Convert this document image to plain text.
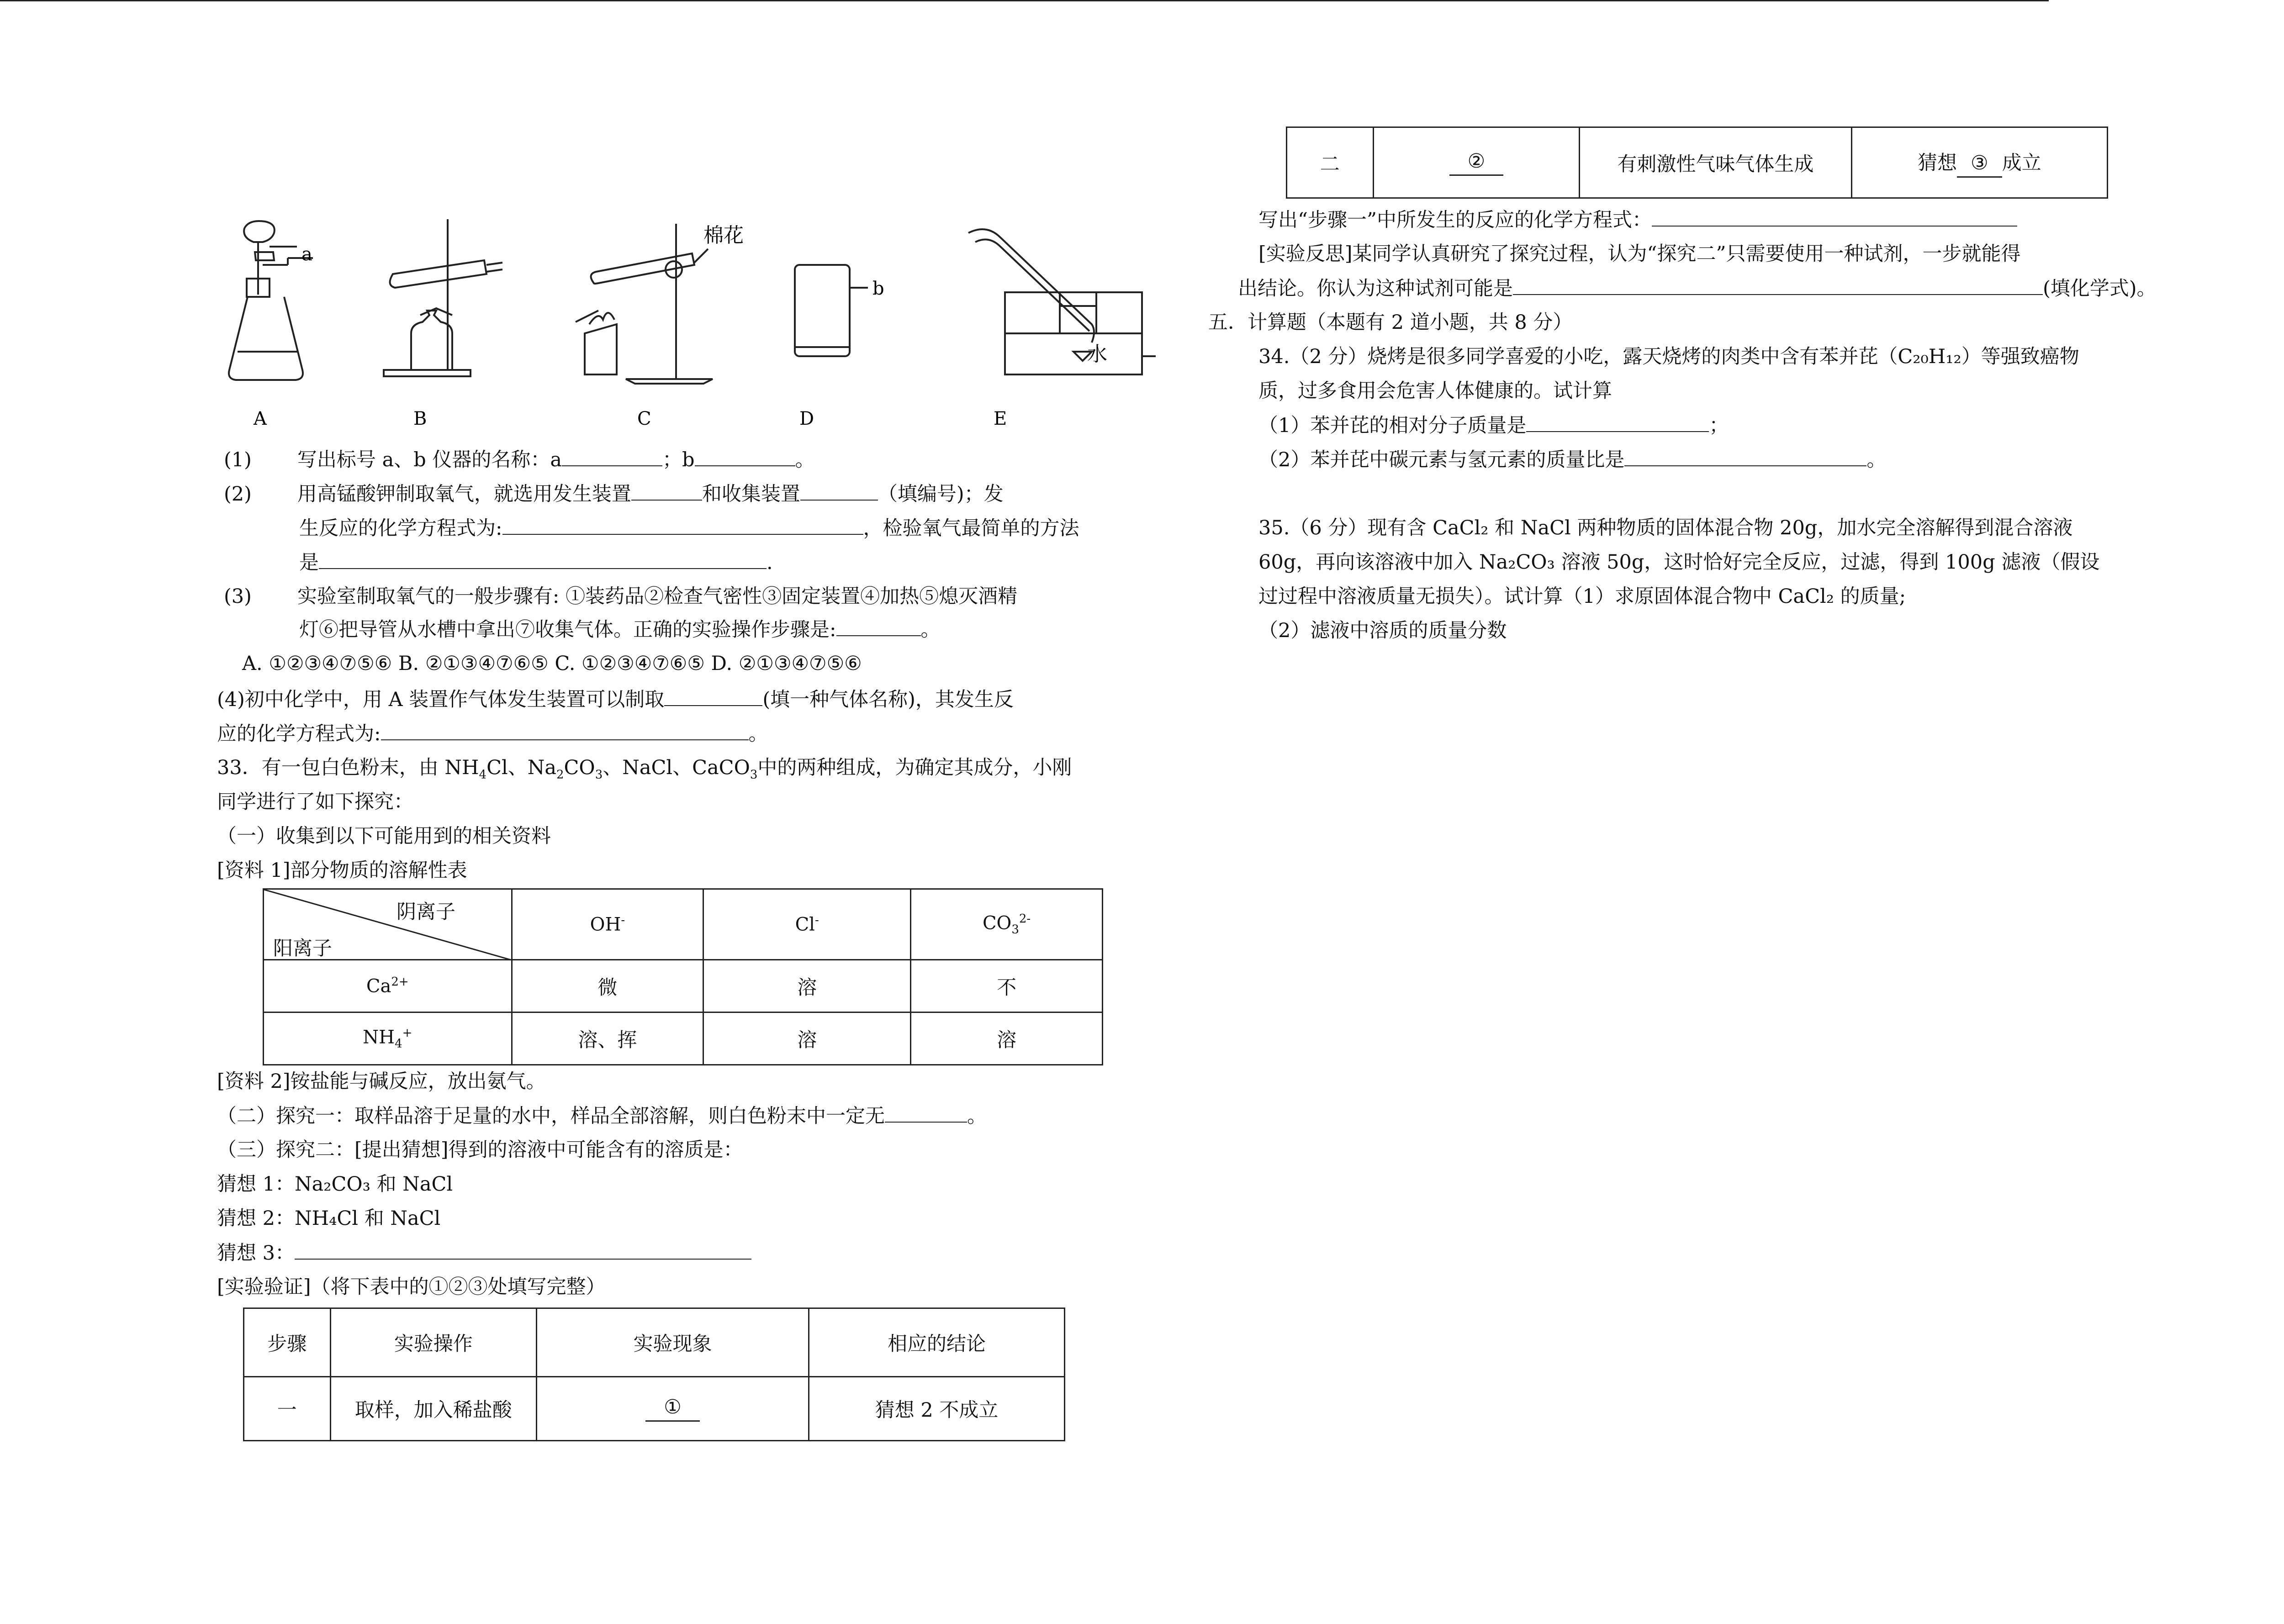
a
b
棉花
水
A	B	C	D	E
(1) 写出标号 a、b 仪器的名称：a	；b	。
(2) 用高锰酸钾制取氧气，就选用发生装置	和收集装置	（填编号)；发
生反应的化学方程式为:	，检验氧气最简单的方法
是	.
(3) 实验室制取氧气的一般步骤有: ①装药品②检查气密性③固定装置④加热⑤熄灭酒精
灯⑥把导管从水槽中拿出⑦收集气体。正确的实验操作步骤是:	。
A. ①②③④⑦⑤⑥ B. ②①③④⑦⑥⑤ C. ①②③④⑦⑥⑤ D. ②①③④⑦⑤⑥
(4)初中化学中，用 A 装置作气体发生装置可以制取	(填一种气体名称)，其发生反
应的化学方程式为:	。
33．有一包白色粉末，由 $NH_4Cl$、$Na_2CO_3$、NaCl、CaCO$_3$中的两种组成，为确定其成分，小刚
同学进行了如下探究：
（一）收集到以下可能用到的相关资料
[资料 1]部分物质的溶解性表
阴离子
阳离子	OH-	Cl-	$CO_3^{2-}$
$Ca^{2+}$	微	溶	不
$NH_4^+$	溶、挥	溶	溶
[资料 2]铵盐能与碱反应，放出氨气。
（二）探究一：取样品溶于足量的水中，样品全部溶解，则白色粉末中一定无	。
（三）探究二：[提出猜想]得到的溶液中可能含有的溶质是：
猜想 1：Na₂CO₃ 和 NaCl
猜想 2：NH₄Cl 和 NaCl
猜想 3：
[实验验证]（将下表中的①②③处填写完整）
步骤	实验操作	实验现象	相应的结论
一	取样，加入稀盐酸	①	猜想 2 不成立
二	②	有刺激性气味气体生成	猜想 ③ 成立
写出“步骤一”中所发生的反应的化学方程式：
[实验反思]某同学认真研究了探究过程，认为“探究二”只需要使用一种试剂，一步就能得
出结论。你认为这种试剂可能是	(填化学式)。
五．计算题（本题有 2 道小题，共 8 分）
34.（2 分）烧烤是很多同学喜爱的小吃，露天烧烤的肉类中含有苯并芘（C₂₀H₁₂）等强致癌物
质，过多食用会危害人体健康的。试计算
（1）苯并芘的相对分子质量是	；
（2）苯并芘中碳元素与氢元素的质量比是	。
35.（6 分）现有含 CaCl₂ 和 NaCl 两种物质的固体混合物 20g，加水完全溶解得到混合溶液
60g，再向该溶液中加入 Na₂CO₃ 溶液 50g，这时恰好完全反应，过滤，得到 100g 滤液（假设
过过程中溶液质量无损失）。试计算（1）求原固体混合物中 CaCl₂ 的质量;
（2）滤液中溶质的质量分数
